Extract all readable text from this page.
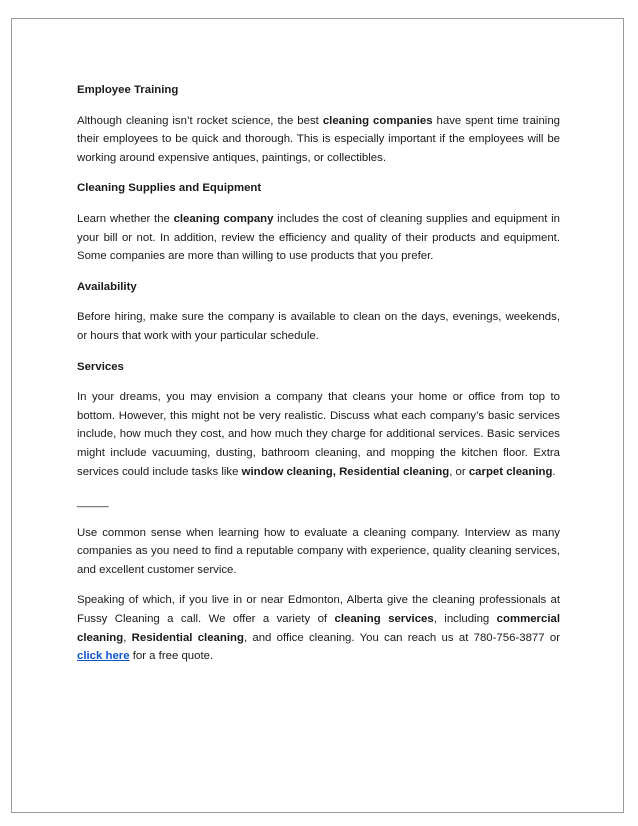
Employee Training

Although cleaning isn’t rocket science, the best cleaning companies have spent time training their employees to be quick and thorough. This is especially important if the employees will be working around expensive antiques, paintings, or collectibles.

Cleaning Supplies and Equipment

Learn whether the cleaning company includes the cost of cleaning supplies and equipment in your bill or not. In addition, review the efficiency and quality of their products and equipment. Some companies are more than willing to use products that you prefer.

Availability

Before hiring, make sure the company is available to clean on the days, evenings, weekends, or hours that work with your particular schedule.

Services

In your dreams, you may envision a company that cleans your home or office from top to bottom. However, this might not be very realistic. Discuss what each company’s basic services include, how much they cost, and how much they charge for additional services. Basic services might include vacuuming, dusting, bathroom cleaning, and mopping the kitchen floor. Extra services could include tasks like window cleaning, Residential cleaning, or carpet cleaning.

_____

Use common sense when learning how to evaluate a cleaning company. Interview as many companies as you need to find a reputable company with experience, quality cleaning services, and excellent customer service.

Speaking of which, if you live in or near Edmonton, Alberta give the cleaning professionals at Fussy Cleaning a call. We offer a variety of cleaning services, including commercial cleaning, Residential cleaning, and office cleaning. You can reach us at 780-756-3877 or click here for a free quote.
